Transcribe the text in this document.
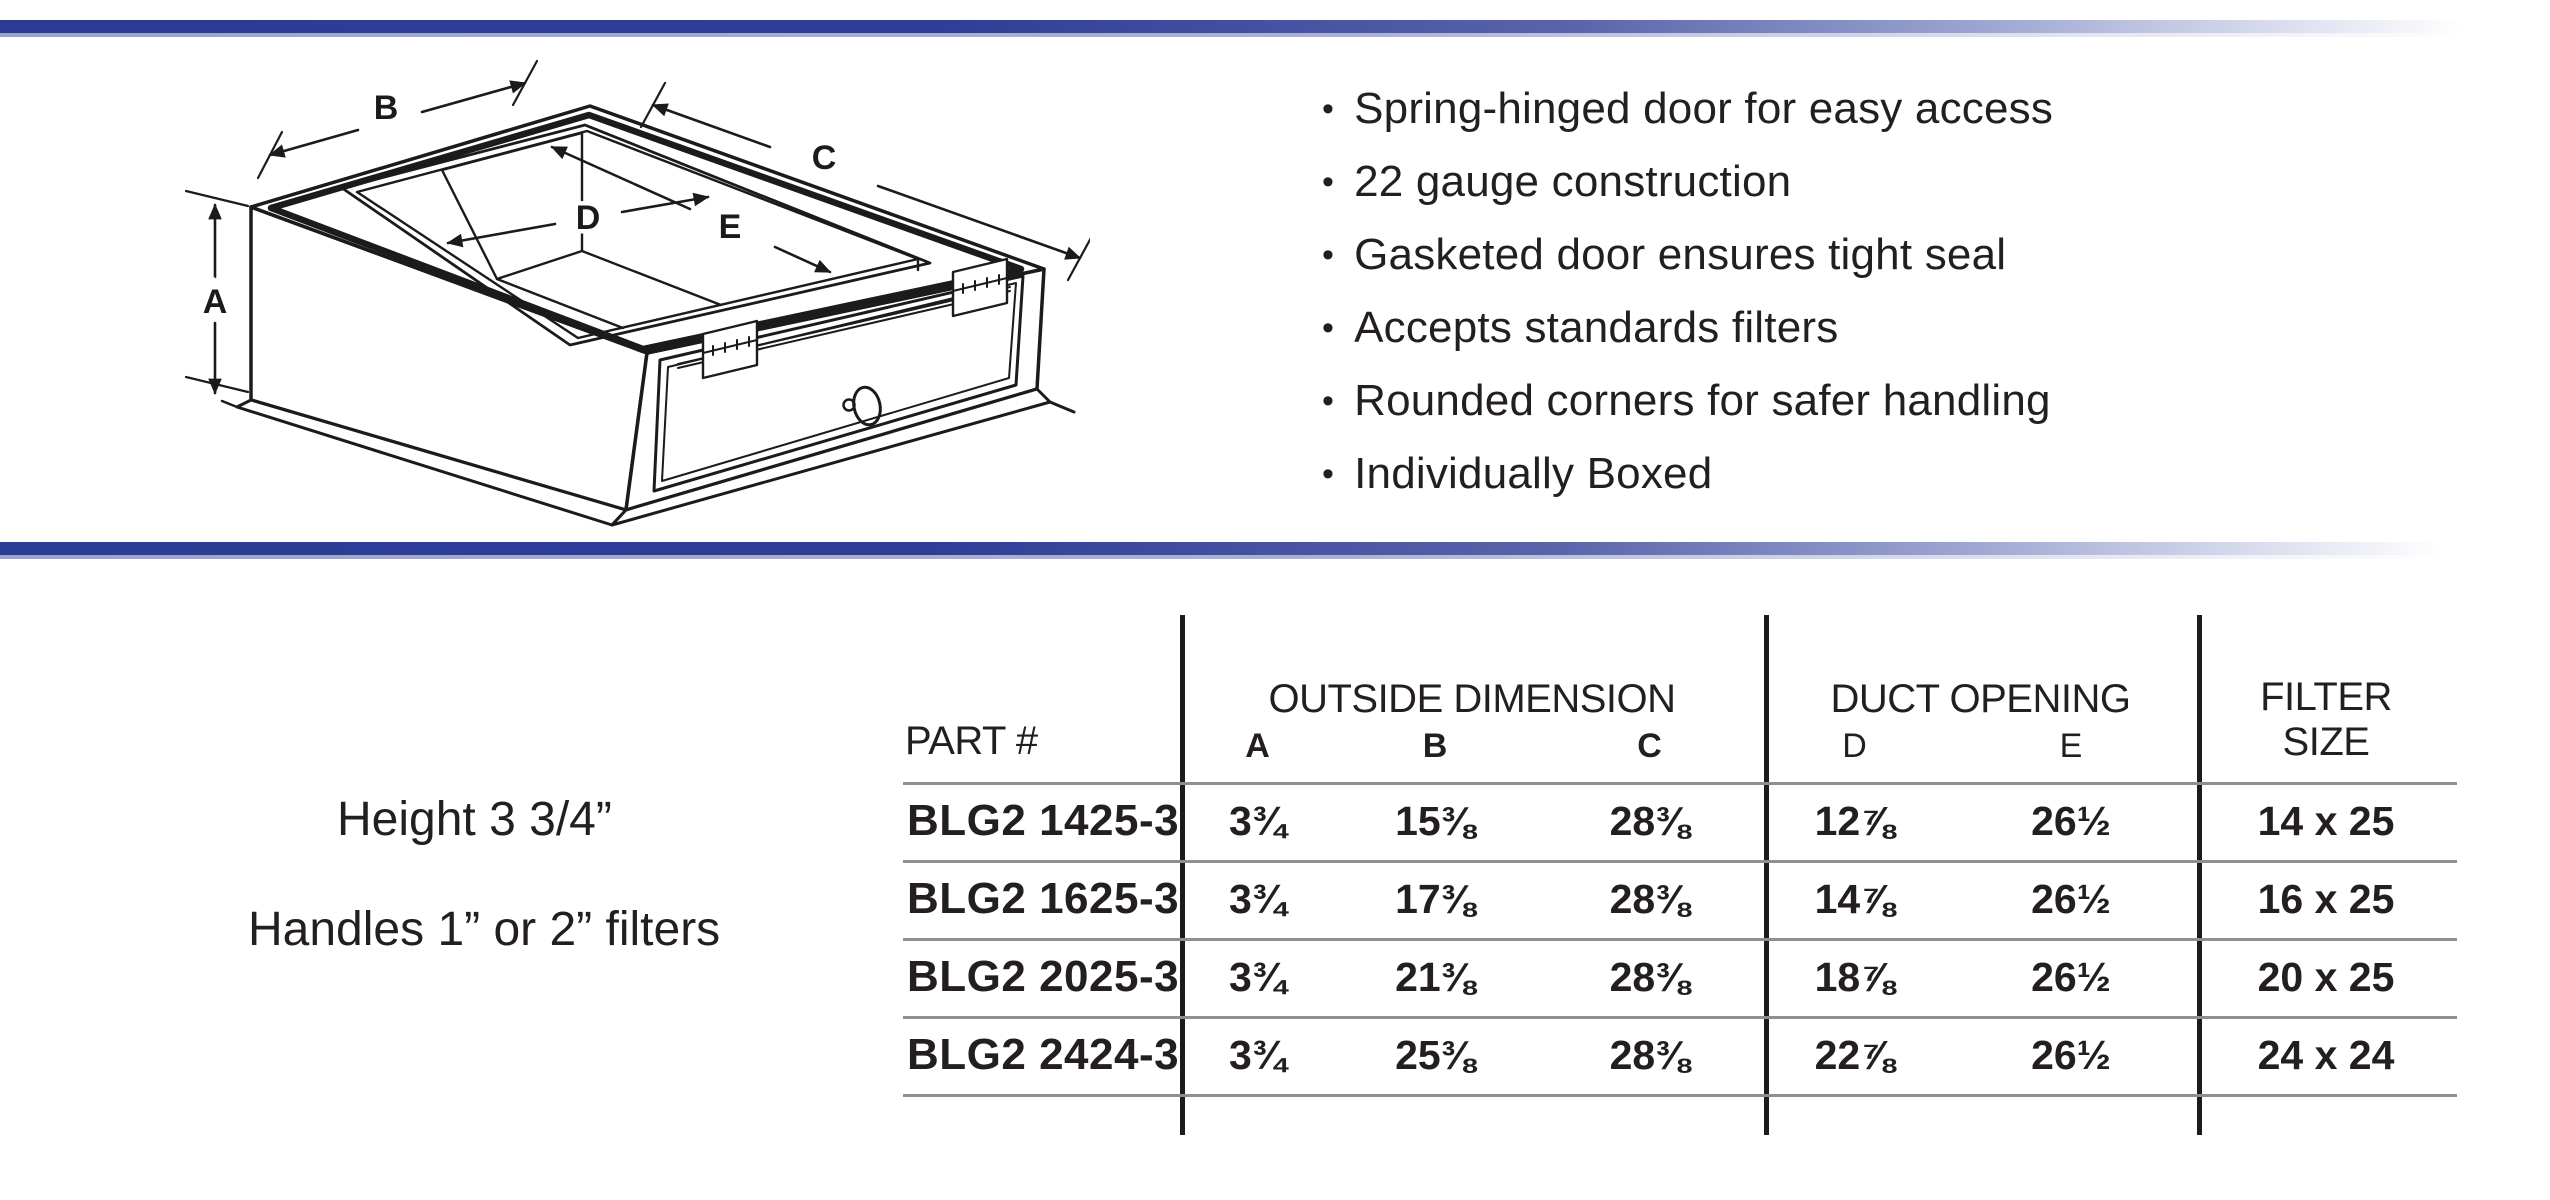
A
B
C
D	E
• Spring-hinged door for easy access
• 22 gauge construction
• Gasketed door ensures tight seal
• Accepts standards filters
• Rounded corners for safer handling
• Individually Boxed
Height 3 3/4”
Handles 1” or 2” filters
PART #
OUTSIDE DIMENSION	DUCT OPENING	FILTER
SIZE
A	B	C	D	E
BLG2 1425-3	3¾	15⅜	28⅜	12⅞	26½	14 x 25
BLG2 1625-3	3¾	17⅜	28⅜	14⅞	26½	16 x 25
BLG2 2025-3	3¾	21⅜	28⅜	18⅞	26½	20 x 25
BLG2 2424-3	3¾	25⅜	28⅜	22⅞	26½	24 x 24
